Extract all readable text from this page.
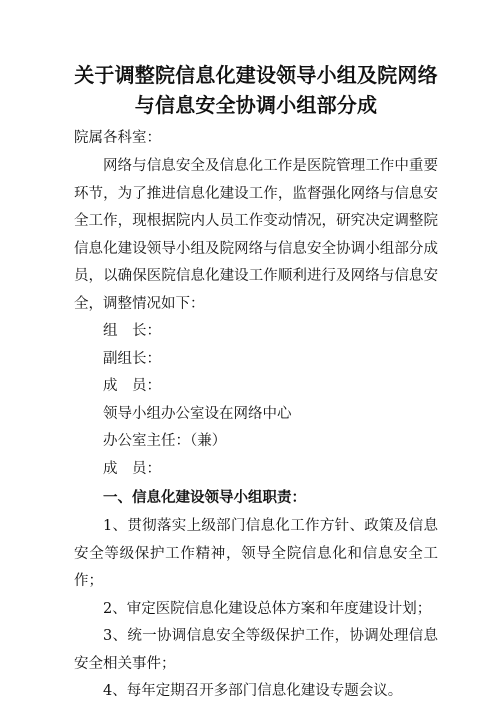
关于调整院信息化建设领导小组及院网络
与信息安全协调小组部分成
院属各科室：

网络与信息安全及信息化工作是医院管理工作中重要环节，为了推进信息化建设工作，监督强化网络与信息安全工作，现根据院内人员工作变动情况，研究决定调整院信息化建设领导小组及院网络与信息安全协调小组部分成员，以确保医院信息化建设工作顺利进行及网络与信息安全，调整情况如下：

组　长：

副组长：

成　员：

领导小组办公室设在网络中心

办公室主任：（兼）

成　员：

一、信息化建设领导小组职责：

1、贯彻落实上级部门信息化工作方针、政策及信息安全等级保护工作精神，领导全院信息化和信息安全工作；

2、审定医院信息化建设总体方案和年度建设计划；

3、统一协调信息安全等级保护工作，协调处理信息安全相关事件；

4、每年定期召开多部门信息化建设专题会议。
